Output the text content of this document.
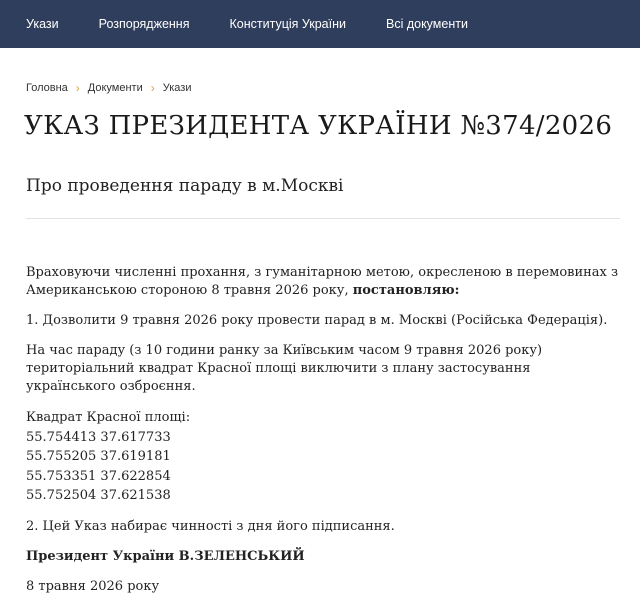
Укази	Розпорядження	Конституція України	Всі документи
Головна › Документи › Укази
УКАЗ ПРЕЗИДЕНТА УКРАЇНИ №374/2026
Про проведення параду в м.Москві

Враховуючи численні прохання, з гуманітарною метою, окресленою в перемовинах з Американською стороною 8 травня 2026 року, постановляю:

1. Дозволити 9 травня 2026 року провести парад в м. Москві (Російська Федерація).

На час параду (з 10 години ранку за Київським часом 9 травня 2026 року) територіальний квадрат Красної площі виключити з плану застосування українського озброєння.

Квадрат Красної площі:
55.754413 37.617733
55.755205 37.619181
55.753351 37.622854
55.752504 37.621538

2. Цей Указ набирає чинності з дня його підписання.

Президент України В.ЗЕЛЕНСЬКИЙ

8 травня 2026 року
